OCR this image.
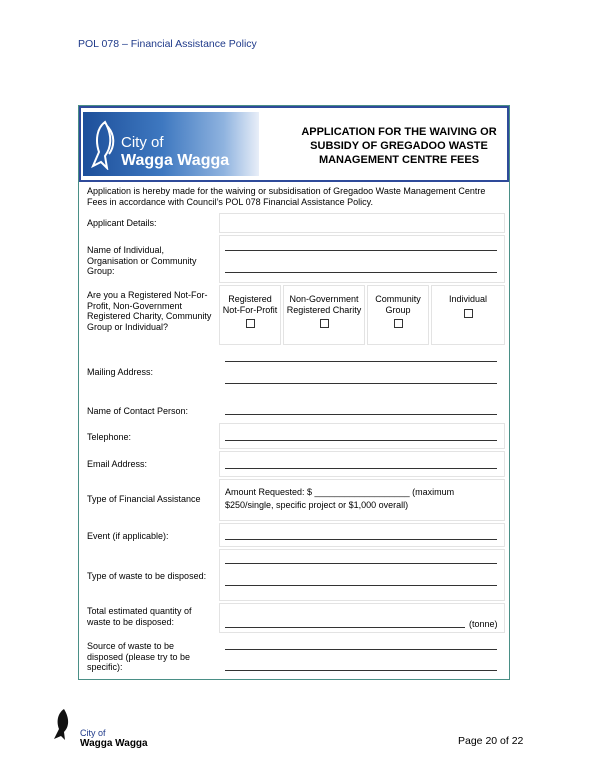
POL 078 – Financial Assistance Policy
City of
Wagga Wagga
APPLICATION FOR THE WAIVING OR SUBSIDY OF GREGADOO WASTE MANAGEMENT CENTRE FEES
Application is hereby made for the waiving or subsidisation of Gregadoo Waste Management Centre Fees in accordance with Council’s POL 078 Financial Assistance Policy.
Applicant Details:
Name of Individual, Organisation or Community Group:
Are you a Registered Not-For-Profit, Non-Government Registered Charity, Community Group or Individual?
Registered Not-For-Profit
Non-Government Registered Charity
Community Group
Individual
Mailing Address:
Name of Contact Person:
Telephone:
Email Address:
Type of Financial Assistance
Amount Requested: $ ___________________ (maximum $250/single, specific project or $1,000 overall)
Event (if applicable):
Type of waste to be disposed:
Total estimated quantity of waste to be disposed:	(tonne)
Source of waste to be disposed (please try to be specific):
City of
Wagga Wagga	Page 20 of 22
